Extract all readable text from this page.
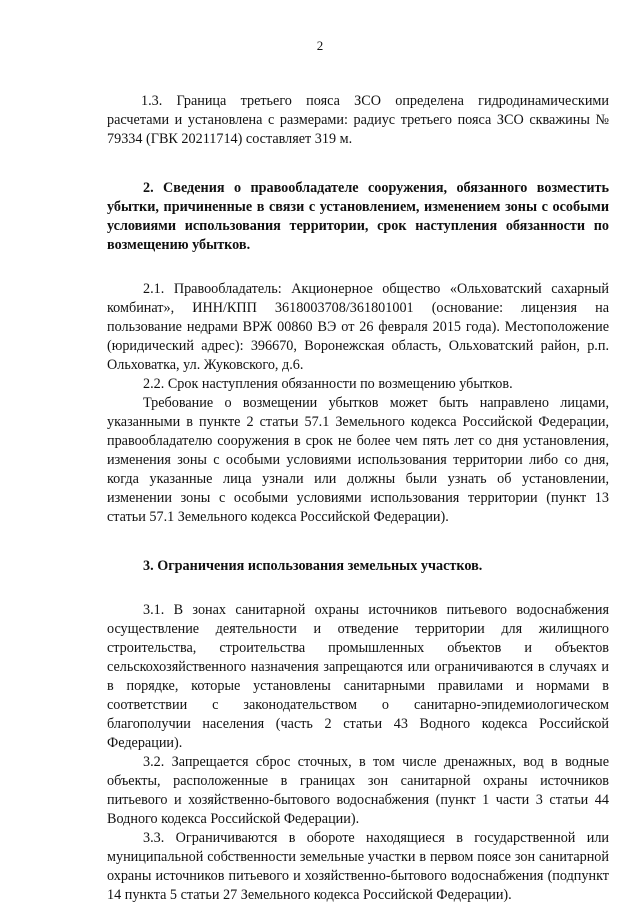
2

1.3. Граница третьего пояса ЗСО определена гидродинамическими расчетами и установлена с размерами: радиус третьего пояса ЗСО скважины № 79334 (ГВК 20211714) составляет 319 м.

2. Сведения о правообладателе сооружения, обязанного возместить убытки, причиненные в связи с установлением, изменением зоны с особыми условиями использования территории, срок наступления обязанности по возмещению убытков.

2.1. Правообладатель: Акционерное общество «Ольховатский сахарный комбинат», ИНН/КПП 3618003708/361801001 (основание: лицензия на пользование недрами ВРЖ 00860 ВЭ от 26 февраля 2015 года). Местоположение (юридический адрес): 396670, Воронежская область, Ольховатский район, р.п. Ольховатка, ул. Жуковского, д.6.

2.2. Срок наступления обязанности по возмещению убытков.

Требование о возмещении убытков может быть направлено лицами, указанными в пункте 2 статьи 57.1 Земельного кодекса Российской Федерации, правообладателю сооружения в срок не более чем пять лет со дня установления, изменения зоны с особыми условиями использования территории либо со дня, когда указанные лица узнали или должны были узнать об установлении, изменении зоны с особыми условиями использования территории (пункт 13 статьи 57.1 Земельного кодекса Российской Федерации).

3. Ограничения использования земельных участков.

3.1. В зонах санитарной охраны источников питьевого водоснабжения осуществление деятельности и отведение территории для жилищного строительства, строительства промышленных объектов и объектов сельскохозяйственного назначения запрещаются или ограничиваются в случаях и в порядке, которые установлены санитарными правилами и нормами в соответствии с законодательством о санитарно-эпидемиологическом благополучии населения (часть 2 статьи 43 Водного кодекса Российской Федерации).

3.2. Запрещается сброс сточных, в том числе дренажных, вод в водные объекты, расположенные в границах зон санитарной охраны источников питьевого и хозяйственно-бытового водоснабжения (пункт 1 части 3 статьи 44 Водного кодекса Российской Федерации).

3.3. Ограничиваются в обороте находящиеся в государственной или муниципальной собственности земельные участки в первом поясе зон санитарной охраны источников питьевого и хозяйственно-бытового водоснабжения (подпункт 14 пункта 5 статьи 27 Земельного кодекса Российской Федерации).
